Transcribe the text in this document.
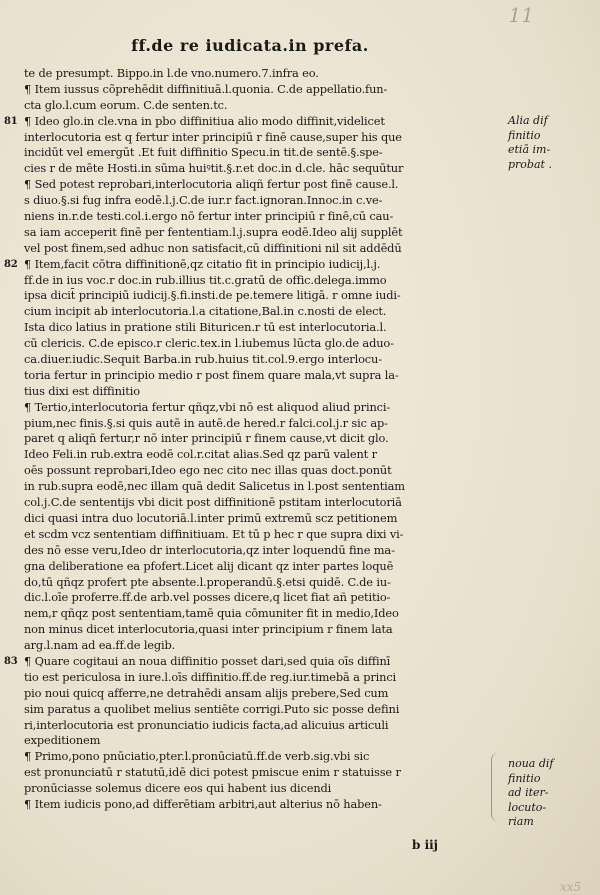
11
ff.de re iudicata.in prefa.
te de presumpt. Bippo.in l.de vno.numero.7.infra eo.
¶ Item iussus cõprehēdit diffinitiuā.l.quonia. C.de appellatio.fun-
cta glo.l.cum eorum. C.de senten.tc.
81 ¶ Ideo glo.in cle.vna in pbo diffinitiua alio modo diffinit,videlicet
interlocutoria est q fertur inter principiū r finē cause,super his que
incidūt vel emergūt .Et fuit diffinitio Specu.in tit.de sentē.§.spe-
cies r de mēte Hosti.in sūma huiꝰtit.§.r.et doc.in d.cle. hāc sequūtur
¶ Sed potest reprobari,interlocutoria aliqñ fertur post finē cause.l.
s diuo.§.si fug infra eodē.l.j.C.de iur.r fact.ignoran.Innoc.in c.ve-
niens in.r.de testi.col.i.ergo nō fertur inter principiū r finē,cū cau-
sa iam acceperit finē per fententiam.l.j.supra eodē.Ideo alij supplēt
vel post finem,sed adhuc non satisfacit,cū diffinitioni nil sit addēdū
82 ¶ Item,facit cōtra diffinitionē,qz citatio fit in principio iudicij,l.j.
ff.de in ius voc.r doc.in rub.illius tit.c.gratū de offic.delega.immo
ipsa dicit̄ principiū iudicij.§.fi.insti.de pe.temere litigā. r omne iudi-
cium incipit ab interlocutoria.l.a citatione,Bal.in c.nosti de elect.
Ista dico latius in pratione stili Bituricen.r tū est interlocutoria.l.
cū clericis. C.de episco.r cleric.tex.in l.iubemus lūcta glo.de aduo-
ca.diuer.iudic.Sequit Barba.in rub.huius tit.col.9.ergo interlocu-
toria fertur in principio medio r post finem quare mala,vt supra la-
tius dixi est diffinitio
¶ Tertio,interlocutoria fertur qñqz,vbi nō est aliquod aliud princi-
pium,nec finis.§.si quis autē in autē.de hered.r falci.col.j.r sic ap-
paret q aliqñ fertur,r nō inter principiū r finem cause,vt dicit glo.
Ideo Feli.in rub.extra eodē col.r.citat alias.Sed qz parū valent r
oēs possunt reprobari,Ideo ego nec cito nec illas quas doct.ponūt
in rub.supra eodē,nec illam quā dedit Salicetus in l.post sententiam
col.j.C.de sententijs vbi dicit post diffinitionē pstitam interlocutoriā
dici quasi intra duo locutoriā.l.inter primū extremū scz petitionem
et scdm vcz sententiam diffinitiuam. Et tū p hec r que supra dixi vi-
des nō esse veru,Ideo dr interlocutoria,qz inter loquendū fine ma-
gna deliberatione ea pfofert.Licet alij dicant qz inter partes loquē
do,tū qñqz profert pte absente.l.properandū.§.etsi quidē. C.de iu-
dic.l.oīe proferre.ff.de arb.vel posses dicere,q licet fiat añ petitio-
nem,r qñqz post sententiam,tamē quia cōmuniter fit in medio,Ideo
non minus dicet interlocutoria,quasi inter principium r finem lata
arg.l.nam ad ea.ff.de legib.
83 ¶ Quare cogitaui an noua diffinitio posset dari,sed quia oīs diffinī
tio est periculosa in iure.l.oīs diffinitio.ff.de reg.iur.timebā a princi
pio noui quicq afferre,ne detrahēdi ansam alijs prebere,Sed cum
sim paratus a quolibet melius sentiēte corrigi.Puto sic posse defini
ri,interlocutoria est pronunciatio iudicis facta,ad alicuius articuli
expeditionem
¶ Primo,pono pnūciatio,pter.l.pronūciatū.ff.de verb.sig.vbi sic
est pronunciatū r statutū,idē dici potest pmiscue enim r statuisse r
pronūciasse solemus dicere eos qui habent ius dicendi
¶ Item iudicis pono,ad differētiam arbitri,aut alterius nō haben-
Alia dif
finitio
etiā im-
probat .
noua dif
finitio
ad iter-
locuto-
riam
b iij
xx5
